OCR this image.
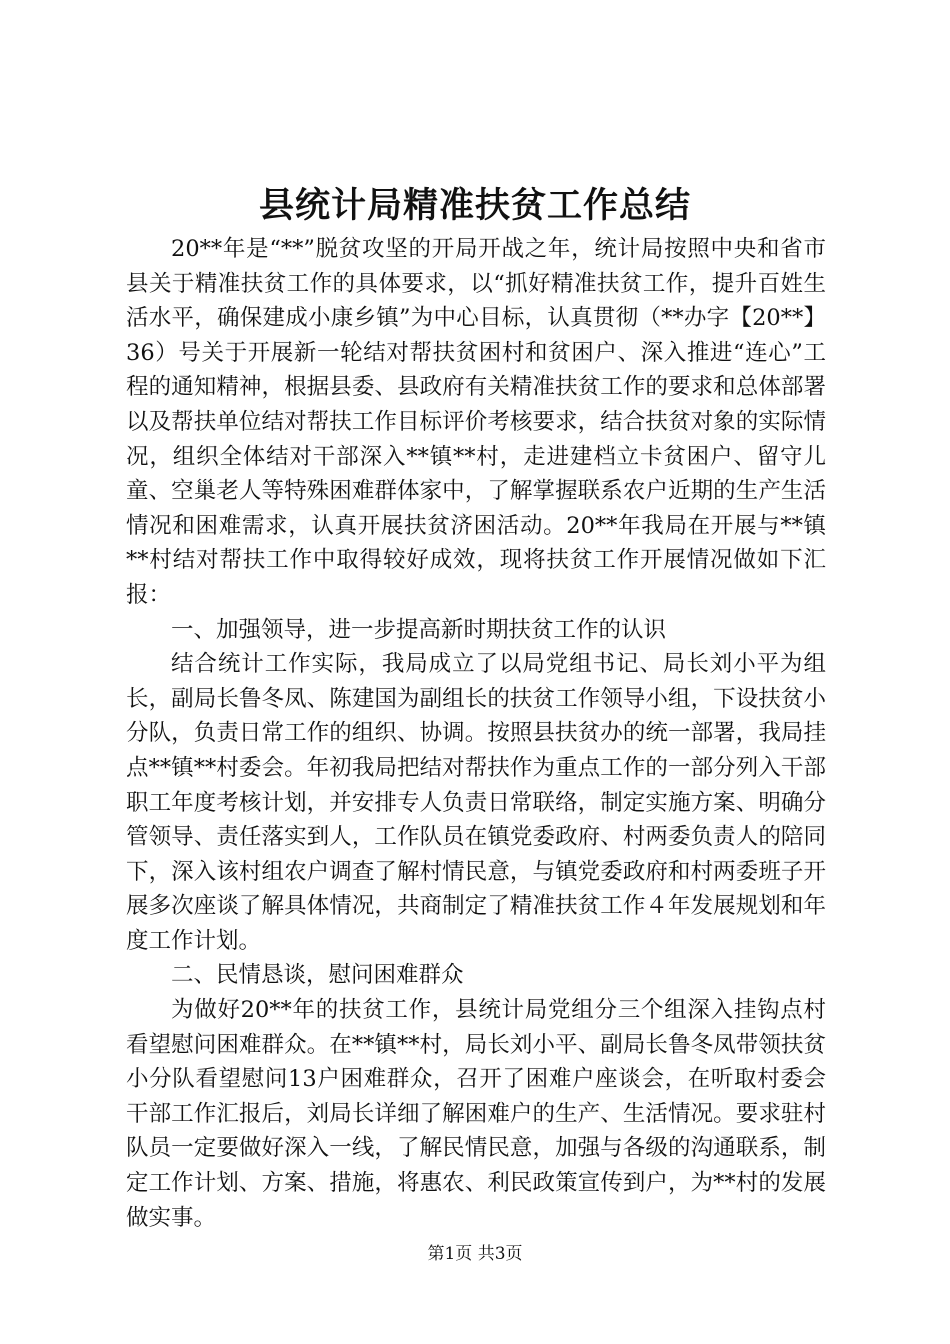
县统计局精准扶贫工作总结

20**年是“**”脱贫攻坚的开局开战之年，统计局按照中央和省市县关于精准扶贫工作的具体要求，以“抓好精准扶贫工作，提升百姓生活水平，确保建成小康乡镇”为中心目标，认真贯彻（**办字【20**】36）号关于开展新一轮结对帮扶贫困村和贫困户、深入推进“连心”工程的通知精神，根据县委、县政府有关精准扶贫工作的要求和总体部署以及帮扶单位结对帮扶工作目标评价考核要求，结合扶贫对象的实际情况，组织全体结对干部深入**镇**村，走进建档立卡贫困户、留守儿童、空巢老人等特殊困难群体家中，了解掌握联系农户近期的生产生活情况和困难需求，认真开展扶贫济困活动。20**年我局在开展与**镇**村结对帮扶工作中取得较好成效，现将扶贫工作开展情况做如下汇报：

一、加强领导，进一步提高新时期扶贫工作的认识

结合统计工作实际，我局成立了以局党组书记、局长刘小平为组长，副局长鲁冬凤、陈建国为副组长的扶贫工作领导小组，下设扶贫小分队，负责日常工作的组织、协调。按照县扶贫办的统一部署，我局挂点**镇**村委会。年初我局把结对帮扶作为重点工作的一部分列入干部职工年度考核计划，并安排专人负责日常联络，制定实施方案、明确分管领导、责任落实到人，工作队员在镇党委政府、村两委负责人的陪同下，深入该村组农户调查了解村情民意，与镇党委政府和村两委班子开展多次座谈了解具体情况，共商制定了精准扶贫工作４年发展规划和年度工作计划。

二、民情恳谈，慰问困难群众

为做好20**年的扶贫工作，县统计局党组分三个组深入挂钩点村看望慰问困难群众。在**镇**村，局长刘小平、副局长鲁冬凤带领扶贫小分队看望慰问13户困难群众，召开了困难户座谈会，在听取村委会干部工作汇报后，刘局长详细了解困难户的生产、生活情况。要求驻村队员一定要做好深入一线，了解民情民意，加强与各级的沟通联系，制定工作计划、方案、措施，将惠农、利民政策宣传到户，为**村的发展做实事。

第1页 共3页
